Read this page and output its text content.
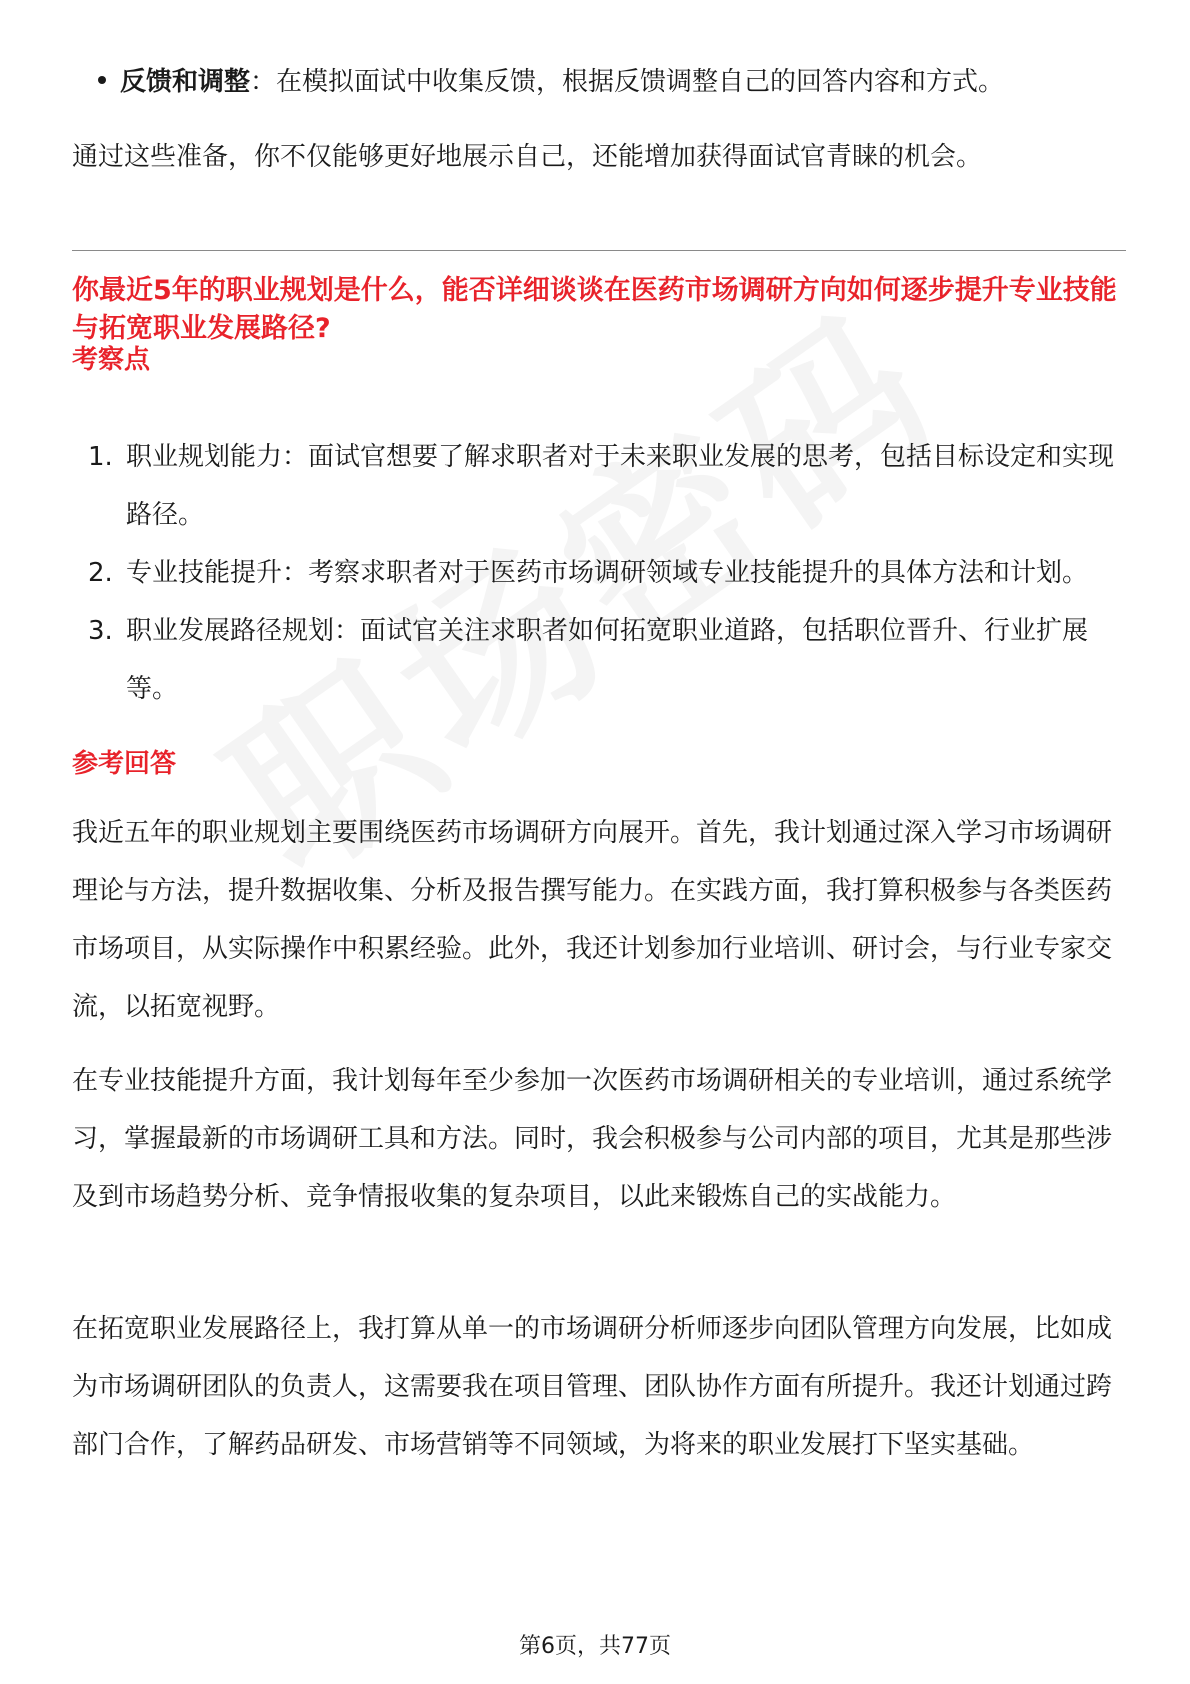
反馈和调整：在模拟面试中收集反馈，根据反馈调整自己的回答内容和方式。

通过这些准备，你不仅能够更好地展示自己，还能增加获得面试官青睐的机会。

你最近5年的职业规划是什么，能否详细谈谈在医药市场调研方向如何逐步提升专业技能与拓宽职业发展路径?

考察点

1. 职业规划能力：面试官想要了解求职者对于未来职业发展的思考，包括目标设定和实现路径。
2. 专业技能提升：考察求职者对于医药市场调研领域专业技能提升的具体方法和计划。
3. 职业发展路径规划：面试官关注求职者如何拓宽职业道路，包括职位晋升、行业扩展等。

参考回答

我近五年的职业规划主要围绕医药市场调研方向展开。首先，我计划通过深入学习市场调研理论与方法，提升数据收集、分析及报告撰写能力。在实践方面，我打算积极参与各类医药市场项目，从实际操作中积累经验。此外，我还计划参加行业培训、研讨会，与行业专家交流，以拓宽视野。

在专业技能提升方面，我计划每年至少参加一次医药市场调研相关的专业培训，通过系统学习，掌握最新的市场调研工具和方法。同时，我会积极参与公司内部的项目，尤其是那些涉及到市场趋势分析、竞争情报收集的复杂项目，以此来锻炼自己的实战能力。

在拓宽职业发展路径上，我打算从单一的市场调研分析师逐步向团队管理方向发展，比如成为市场调研团队的负责人，这需要我在项目管理、团队协作方面有所提升。我还计划通过跨部门合作，了解药品研发、市场营销等不同领域，为将来的职业发展打下坚实基础。

第6页，共77页
